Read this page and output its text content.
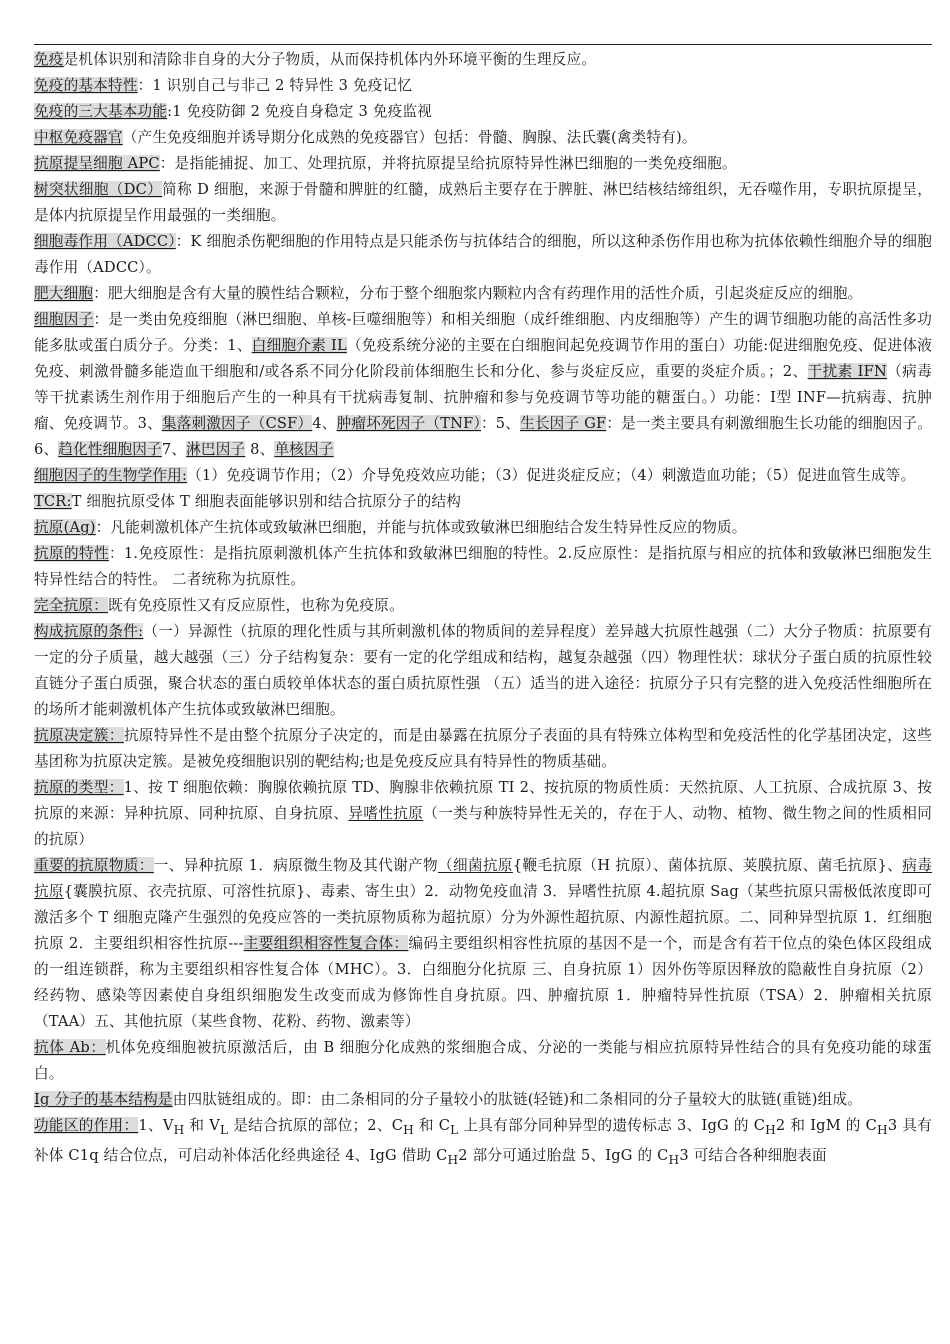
免疫是机体识别和清除非自身的大分子物质，从而保持机体内外环境平衡的生理反应。

免疫的基本特性：1 识别自己与非己 2 特异性 3 免疫记忆

免疫的三大基本功能:1 免疫防御 2 免疫自身稳定 3 免疫监视

中枢免疫器官（产生免疫细胞并诱导期分化成熟的免疫器官）包括：骨髓、胸腺、法氏囊(禽类特有)。

抗原提呈细胞 APC：是指能捕捉、加工、处理抗原，并将抗原提呈给抗原特异性淋巴细胞的一类免疫细胞。

树突状细胞（DC）简称 D 细胞，来源于骨髓和脾脏的红髓，成熟后主要存在于脾脏、淋巴结核结缔组织，无吞噬作用，专职抗原提呈，是体内抗原提呈作用最强的一类细胞。

细胞毒作用（ADCC）：K 细胞杀伤靶细胞的作用特点是只能杀伤与抗体结合的细胞，所以这种杀伤作用也称为抗体依赖性细胞介导的细胞毒作用（ADCC）。

肥大细胞：肥大细胞是含有大量的膜性结合颗粒，分布于整个细胞浆内颗粒内含有药理作用的活性介质，引起炎症反应的细胞。

细胞因子：是一类由免疫细胞（淋巴细胞、单核-巨噬细胞等）和相关细胞（成纤维细胞、内皮细胞等）产生的调节细胞功能的高活性多功能多肽或蛋白质分子。分类：1、白细胞介素 IL（免疫系统分泌的主要在白细胞间起免疫调节作用的蛋白）功能:促进细胞免疫、促进体液免疫、刺激骨髓多能造血干细胞和/或各系不同分化阶段前体细胞生长和分化、参与炎症反应，重要的炎症介质。；2、干扰素 IFN（病毒等干扰素诱生剂作用于细胞后产生的一种具有干扰病毒复制、抗肿瘤和参与免疫调节等功能的糖蛋白。）功能：Ⅰ型 INF—抗病毒、抗肿瘤、免疫调节。3、集落刺激因子（CSF）4、肿瘤坏死因子（TNF）：5、生长因子 GF：是一类主要具有刺激细胞生长功能的细胞因子。6、趋化性细胞因子7、淋巴因子 8、单核因子

细胞因子的生物学作用:（1）免疫调节作用；（2）介导免疫效应功能；（3）促进炎症反应；（4）刺激造血功能；（5）促进血管生成等。

TCR:T 细胞抗原受体 T 细胞表面能够识别和结合抗原分子的结构

抗原(Ag)：凡能刺激机体产生抗体或致敏淋巴细胞，并能与抗体或致敏淋巴细胞结合发生特异性反应的物质。

抗原的特性：1.免疫原性：是指抗原刺激机体产生抗体和致敏淋巴细胞的特性。2.反应原性：是指抗原与相应的抗体和致敏淋巴细胞发生特异性结合的特性。 二者统称为抗原性。

完全抗原：既有免疫原性又有反应原性，也称为免疫原。

构成抗原的条件:（一）异源性（抗原的理化性质与其所刺激机体的物质间的差异程度）差异越大抗原性越强（二）大分子物质：抗原要有一定的分子质量，越大越强（三）分子结构复杂：要有一定的化学组成和结构，越复杂越强（四）物理性状：球状分子蛋白质的抗原性较直链分子蛋白质强，聚合状态的蛋白质较单体状态的蛋白质抗原性强 （五）适当的进入途径：抗原分子只有完整的进入免疫活性细胞所在的场所才能刺激机体产生抗体或致敏淋巴细胞。

抗原决定簇：抗原特异性不是由整个抗原分子决定的，而是由暴露在抗原分子表面的具有特殊立体构型和免疫活性的化学基团决定，这些基团称为抗原决定簇。是被免疫细胞识别的靶结构;也是免疫反应具有特异性的物质基础。

抗原的类型：1、按 T 细胞依赖：胸腺依赖抗原 TD、胸腺非依赖抗原 TI 2、按抗原的物质性质：天然抗原、人工抗原、合成抗原 3、按抗原的来源：异种抗原、同种抗原、自身抗原、异嗜性抗原（一类与种族特异性无关的，存在于人、动物、植物、微生物之间的性质相同的抗原）

重要的抗原物质：一、异种抗原 1．病原微生物及其代谢产物（细菌抗原{鞭毛抗原（H 抗原）、菌体抗原、荚膜抗原、菌毛抗原}、病毒抗原{囊膜抗原、衣壳抗原、可溶性抗原}、毒素、寄生虫）2．动物免疫血清 3．异嗜性抗原 4.超抗原 Sag（某些抗原只需极低浓度即可激活多个 T 细胞克隆产生强烈的免疫应答的一类抗原物质称为超抗原）分为外源性超抗原、内源性超抗原。二、同种异型抗原 1．红细胞抗原 2．主要组织相容性抗原---主要组织相容性复合体：编码主要组织相容性抗原的基因不是一个，而是含有若干位点的染色体区段组成的一组连锁群，称为主要组织相容性复合体（MHC）。3．白细胞分化抗原 三、自身抗原 1）因外伤等原因释放的隐蔽性自身抗原（2）经药物、感染等因素使自身组织细胞发生改变而成为修饰性自身抗原。四、肿瘤抗原 1．肿瘤特异性抗原（TSA）2．肿瘤相关抗原（TAA）五、其他抗原（某些食物、花粉、药物、激素等）

抗体 Ab：机体免疫细胞被抗原激活后，由 B 细胞分化成熟的浆细胞合成、分泌的一类能与相应抗原特异性结合的具有免疫功能的球蛋白。

Ig 分子的基本结构是由四肽链组成的。即：由二条相同的分子量较小的肽链(轻链)和二条相同的分子量较大的肽链(重链)组成。

功能区的作用：1、$V_H$ 和 $V_L$ 是结合抗原的部位；2、$C_H$ 和 $C_L$ 上具有部分同种异型的遗传标志 3、IgG 的 $C_H2$ 和 IgM 的 $C_H3$ 具有补体 C1q 结合位点，可启动补体活化经典途径 4、IgG 借助 $C_H2$ 部分可通过胎盘 5、IgG 的 $C_H3$ 可结合各种细胞表面
